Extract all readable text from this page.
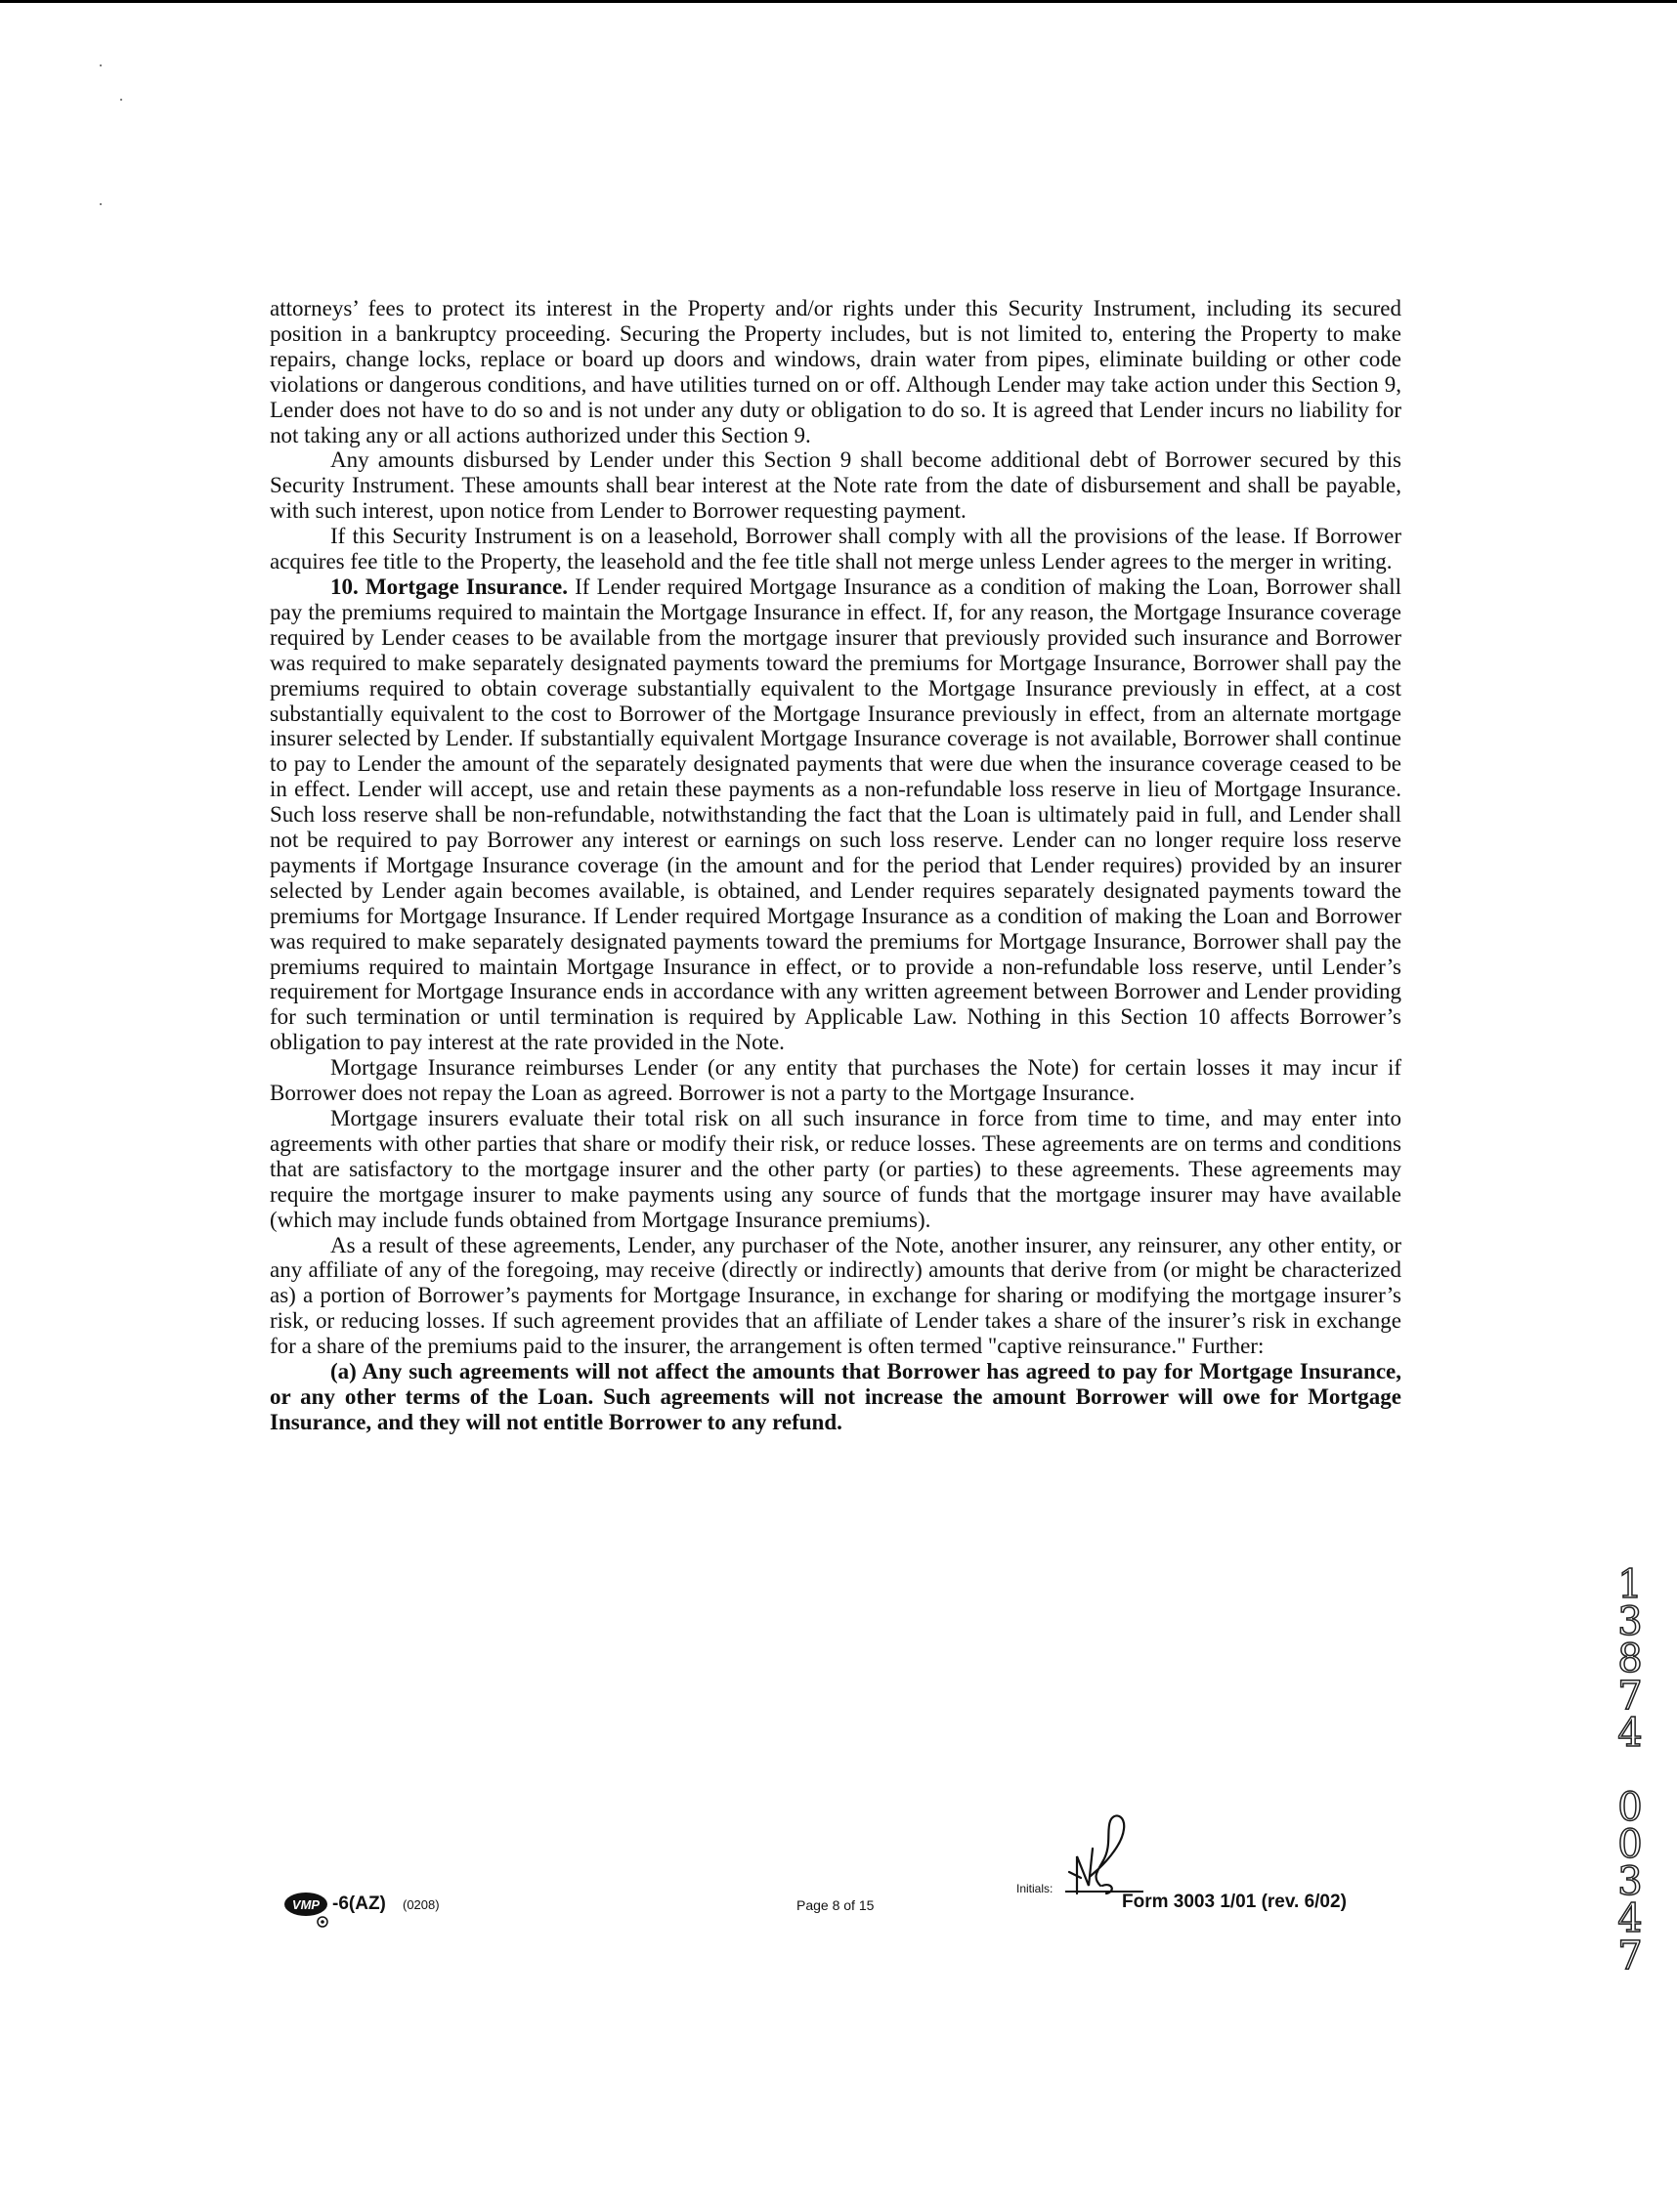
attorneys’ fees to protect its interest in the Property and/or rights under this Security Instrument, including its secured position in a bankruptcy proceeding. Securing the Property includes, but is not limited to, entering the Property to make repairs, change locks, replace or board up doors and windows, drain water from pipes, eliminate building or other code violations or dangerous conditions, and have utilities turned on or off. Although Lender may take action under this Section 9, Lender does not have to do so and is not under any duty or obligation to do so. It is agreed that Lender incurs no liability for not taking any or all actions authorized under this Section 9.

Any amounts disbursed by Lender under this Section 9 shall become additional debt of Borrower secured by this Security Instrument. These amounts shall bear interest at the Note rate from the date of disbursement and shall be payable, with such interest, upon notice from Lender to Borrower requesting payment.

If this Security Instrument is on a leasehold, Borrower shall comply with all the provisions of the lease. If Borrower acquires fee title to the Property, the leasehold and the fee title shall not merge unless Lender agrees to the merger in writing.

10. Mortgage Insurance. If Lender required Mortgage Insurance as a condition of making the Loan, Borrower shall pay the premiums required to maintain the Mortgage Insurance in effect. If, for any reason, the Mortgage Insurance coverage required by Lender ceases to be available from the mortgage insurer that previously provided such insurance and Borrower was required to make separately designated payments toward the premiums for Mortgage Insurance, Borrower shall pay the premiums required to obtain coverage substantially equivalent to the Mortgage Insurance previously in effect, at a cost substantially equivalent to the cost to Borrower of the Mortgage Insurance previously in effect, from an alternate mortgage insurer selected by Lender. If substantially equivalent Mortgage Insurance coverage is not available, Borrower shall continue to pay to Lender the amount of the separately designated payments that were due when the insurance coverage ceased to be in effect. Lender will accept, use and retain these payments as a non-refundable loss reserve in lieu of Mortgage Insurance. Such loss reserve shall be non-refundable, notwithstanding the fact that the Loan is ultimately paid in full, and Lender shall not be required to pay Borrower any interest or earnings on such loss reserve. Lender can no longer require loss reserve payments if Mortgage Insurance coverage (in the amount and for the period that Lender requires) provided by an insurer selected by Lender again becomes available, is obtained, and Lender requires separately designated payments toward the premiums for Mortgage Insurance. If Lender required Mortgage Insurance as a condition of making the Loan and Borrower was required to make separately designated payments toward the premiums for Mortgage Insurance, Borrower shall pay the premiums required to maintain Mortgage Insurance in effect, or to provide a non-refundable loss reserve, until Lender’s requirement for Mortgage Insurance ends in accordance with any written agreement between Borrower and Lender providing for such termination or until termination is required by Applicable Law. Nothing in this Section 10 affects Borrower’s obligation to pay interest at the rate provided in the Note.

Mortgage Insurance reimburses Lender (or any entity that purchases the Note) for certain losses it may incur if Borrower does not repay the Loan as agreed. Borrower is not a party to the Mortgage Insurance.

Mortgage insurers evaluate their total risk on all such insurance in force from time to time, and may enter into agreements with other parties that share or modify their risk, or reduce losses. These agreements are on terms and conditions that are satisfactory to the mortgage insurer and the other party (or parties) to these agreements. These agreements may require the mortgage insurer to make payments using any source of funds that the mortgage insurer may have available (which may include funds obtained from Mortgage Insurance premiums).

As a result of these agreements, Lender, any purchaser of the Note, another insurer, any reinsurer, any other entity, or any affiliate of any of the foregoing, may receive (directly or indirectly) amounts that derive from (or might be characterized as) a portion of Borrower’s payments for Mortgage Insurance, in exchange for sharing or modifying the mortgage insurer’s risk, or reducing losses. If such agreement provides that an affiliate of Lender takes a share of the insurer’s risk in exchange for a share of the premiums paid to the insurer, the arrangement is often termed "captive reinsurance." Further:

(a) Any such agreements will not affect the amounts that Borrower has agreed to pay for Mortgage Insurance, or any other terms of the Loan. Such agreements will not increase the amount Borrower will owe for Mortgage Insurance, and they will not entitle Borrower to any refund.

VMP -6(AZ) (0208)	Page 8 of 15
Initials:
Form 3003 1/01 (rev. 6/02)
1
3
8
7
4
0
0
3
4
7
